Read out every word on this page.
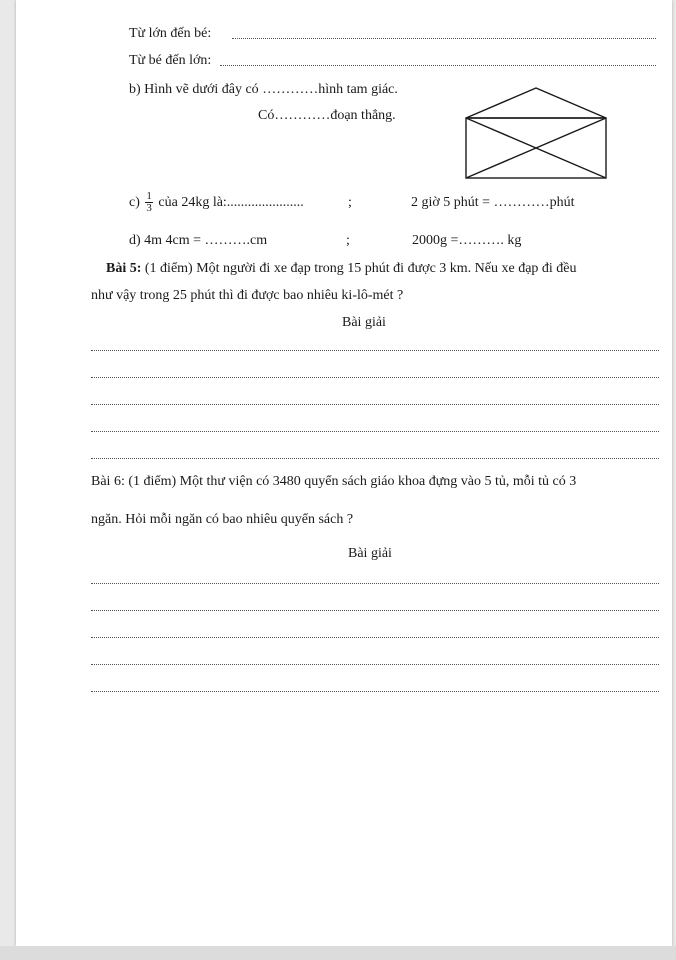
Từ lớn đến bé:
Từ bé đến lớn:
b) Hình vẽ dưới đây có …………hình tam giác.
Có…………đoạn thẳng.
$c) \frac{1}{3}$ của 24kg là:......................	;	2 giờ 5 phút = …………phút
d) 4m 4cm = ……….cm	;	2000g =………. kg
Bài 5: (1 điểm) Một người đi xe đạp trong 15 phút đi được 3 km. Nếu xe đạp đi đều
như vậy trong 25 phút thì đi được bao nhiêu ki-lô-mét ?
Bài giải
Bài 6: (1 điểm) Một thư viện có 3480 quyển sách giáo khoa đựng vào 5 tủ, mỗi tủ có 3
ngăn. Hỏi mỗi ngăn có bao nhiêu quyển sách ?
Bài giải
